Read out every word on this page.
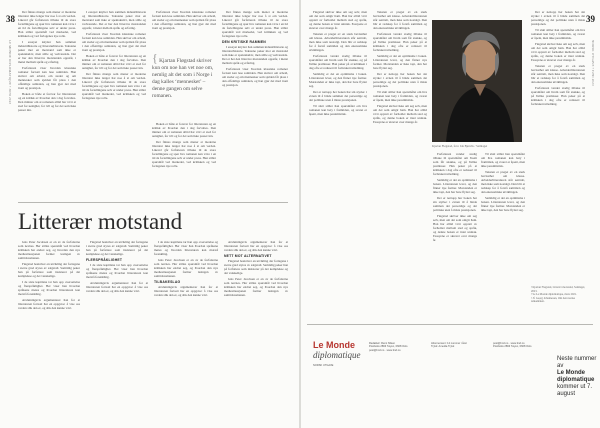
38
LE MONDE DIPLOMATIQUE • JUNI 2023

Det finnes mange som mener at moderne litteratur ikke lenger har noe å si om verden. Likevel går forfatteren tilbake til de store fortellingene og spør hva romanen kan være i en tid da fortellingene selv er under press. Han stiller spørsmål ved markedet, ved kritikken og ved forlagenes nye rolle.

I essayet knytter han sammen industrihistorie og litteraturhistorie. Tekstene peker mot en motstand som ikke er spektakulær, men stille og vedvarende. Det er her den litterære motstanden oppstår, i møtet mellom språk og erfaring.

Forfatteren viser hvordan klassiske romaner fortsatt kan lese samtiden. Han skriver om arbeid, om steder og om mennesker som sjelden får plass i den offentlige samtalen, og han gjør det med ironi og presisjon.

Boken er både et forsvar for litteraturen og en kritikk av hvordan den i dag forvaltes. Den minner om at romanen alltid har vært et sted for uenighet, for tvil og for det som ikke passer inn.

I essayet knytter han sammen industrihistorie og litteraturhistorie. Tekstene peker mot en motstand som ikke er spektakulær, men stille og vedvarende. Det er her den litterære motstanden oppstår, i møtet mellom språk og erfaring.

Forfatteren viser hvordan klassiske romaner fortsatt kan lese samtiden. Han skriver om arbeid, om steder og om mennesker som sjelden får plass i den offentlige samtalen, og han gjør det med ironi og presisjon.

Boken er både et forsvar for litteraturen og en kritikk av hvordan den i dag forvaltes. Den minner om at romanen alltid har vært et sted for uenighet, for tvil og for det som ikke passer inn.

Det finnes mange som mener at moderne litteratur ikke lenger har noe å si om verden. Likevel går forfatteren tilbake til de store fortellingene og spør hva romanen kan være i en tid da fortellingene selv er under press. Han stiller spørsmål ved markedet, ved kritikken og ved forlagenes nye rolle.

Forfatteren viser hvordan klassiske romaner fortsatt kan lese samtiden. Han skriver om arbeid, om steder og om mennesker som sjelden får plass i den offentlige samtalen, og han gjør det med ironi og presisjon.

{ Kjartan Fløgstad skriver kun om noe han vet noe om, nemlig alt det som i Norge i dag kalles ‘mennesket’ – denne gangen om selve romanen.

Boken er både et forsvar for litteraturen og en kritikk av hvordan den i dag forvaltes. Den minner om at romanen alltid har vært et sted for uenighet, for tvil og for det som ikke passer inn.

Det finnes mange som mener at moderne litteratur ikke lenger har noe å si om verden. Likevel går forfatteren tilbake til de store fortellingene og spør hva romanen kan være i en tid da fortellingene selv er under press. Han stiller spørsmål ved markedet, ved kritikken og ved forlagenes nye rolle.

Det finnes mange som mener at moderne litteratur ikke lenger har noe å si om verden. Likevel går forfatteren tilbake til de store fortellingene og spør hva romanen kan være i en tid da fortellingene selv er under press. Han stiller spørsmål ved markedet, ved kritikken og ved forlagenes nye rolle.

DEN KRITISKE RAMMEN

I essayet knytter han sammen industrihistorie og litteraturhistorie. Tekstene peker mot en motstand som ikke er spektakulær, men stille og vedvarende. Det er her den litterære motstanden oppstår, i møtet mellom språk og erfaring.

Forfatteren viser hvordan klassiske romaner fortsatt kan lese samtiden. Han skriver om arbeid, om steder og om mennesker som sjelden får plass i den offentlige samtalen, og han gjør det med ironi og presisjon.

Litterær motstand

Jens Peter Jacobsen er en av de forfatterne som nevnes. Her stilles spørsmål ved hvordan kritikken har endret seg, og hvordan den nye mediesituasjonen former lesingen av samtidsromanen.

Fløgstad beskriver en utvikling der forlagene i større grad styres av salgstall. Samtidig peker han på forfattere som insisterer på det komplekse og det vanskelige.

I de siste kapitlene tar han opp oversettelse og flerspråklighet. Her viser han hvordan språkene møtes og hvordan litteraturen kan motstå forenkling.

Avslutningsvis argumenterer han for at litteraturen fortsatt har en oppgave: å vise oss verden slik den er, og slik den kunne vært.

Fløgstad beskriver en utvikling der forlagene i større grad styres av salgstall. Samtidig peker han på forfattere som insisterer på det komplekse og det vanskelige.

FLERSPRÅKLIGHET

I de siste kapitlene tar han opp oversettelse og flerspråklighet. Her viser han hvordan språkene møtes og hvordan litteraturen kan motstå forenkling.

Avslutningsvis argumenterer han for at litteraturen fortsatt har en oppgave: å vise oss verden slik den er, og slik den kunne vært.

I de siste kapitlene tar han opp oversettelse og flerspråklighet. Her viser han hvordan språkene møtes og hvordan litteraturen kan motstå forenkling.

Jens Peter Jacobsen er en av de forfatterne som nevnes. Her stilles spørsmål ved hvordan kritikken har endret seg, og hvordan den nye mediesituasjonen former lesingen av samtidsromanen.

TILBAKESLAG

Avslutningsvis argumenterer han for at litteraturen fortsatt har en oppgave: å vise oss verden slik den er, og slik den kunne vært.

Avslutningsvis argumenterer han for at litteraturen fortsatt har en oppgave: å vise oss verden slik den er, og slik den kunne vært.

NETT MOT ALTERNATIVET

Fløgstad beskriver en utvikling der forlagene i større grad styres av salgstall. Samtidig peker han på forfattere som insisterer på det komplekse og det vanskelige.

Jens Peter Jacobsen er en av de forfatterne som nevnes. Her stilles spørsmål ved hvordan kritikken har endret seg, og hvordan den nye mediesituasjonen former lesingen av samtidsromanen.

39
NORSK UTGAVE • JUNI 2023

Fløgstad skriver ikke om seg selv, men om det som omgir ham. Han har alltid vært opptatt av forholdet mellom sted og språk, og denne boken er intet unntak. Essayene er skrevet over mange år.

Teksten er preget av en sterk bevissthet om klasse. Arbeiderlitteraturen står sentralt, men ikke som nostalgi. Den blir et redskap for å forstå samtiden og den økonomiske utviklingen.

Forfatteren vender stadig tilbake til spørsmålet om hvem som får snakke, og på hvilke premisser. Han peker på at kritikken i dag ofte er redusert til forbrukerveiledning.

Samtidig er det en optimisme i boken. Litteraturen lever, og den finner nye former. Motstanden er ikke tapt, den har bare flyttet seg.

Det er nettopp her boken har sin styrke: i evnen til å binde sammen det personlige og det politiske uten å miste presisjonen.

Til slutt stiller han spørsmålet om hva romanen kan bety i framtiden, og svaret er åpent, men ikke pessimistisk.

Teksten er preget av en sterk bevissthet om klasse. Arbeiderlitteraturen står sentralt, men ikke som nostalgi. Den blir et redskap for å forstå samtiden og den økonomiske utviklingen.

Forfatteren vender stadig tilbake til spørsmålet om hvem som får snakke, og på hvilke premisser. Han peker på at kritikken i dag ofte er redusert til forbrukerveiledning.

Samtidig er det en optimisme i boken. Litteraturen lever, og den finner nye former. Motstanden er ikke tapt, den har bare flyttet seg.

Det er nettopp her boken har sin styrke: i evnen til å binde sammen det personlige og det politiske uten å miste presisjonen.

Til slutt stiller han spørsmålet om hva romanen kan bety i framtiden, og svaret er åpent, men ikke pessimistisk.

Fløgstad skriver ikke om seg selv, men om det som omgir ham. Han har alltid vært opptatt av forholdet mellom sted og språk, og denne boken er intet unntak. Essayene er skrevet over mange år.

Kjartan Fløgstad, foto: Ida Bjørvik / Samlaget

Forfatteren vender stadig tilbake til spørsmålet om hvem som får snakke, og på hvilke premisser. Han peker på at kritikken i dag ofte er redusert til forbrukerveiledning.

Samtidig er det en optimisme i boken. Litteraturen lever, og den finner nye former. Motstanden er ikke tapt, den har bare flyttet seg.

Det er nettopp her boken har sin styrke: i evnen til å binde sammen det personlige og det politiske uten å miste presisjonen.

Fløgstad skriver ikke om seg selv, men om det som omgir ham. Han har alltid vært opptatt av forholdet mellom sted og språk, og denne boken er intet unntak. Essayene er skrevet over mange år.

Til slutt stiller han spørsmålet om hva romanen kan bety i framtiden, og svaret er åpent, men ikke pessimistisk.

Teksten er preget av en sterk bevissthet om klasse. Arbeiderlitteraturen står sentralt, men ikke som nostalgi. Den blir et redskap for å forstå samtiden og den økonomiske utviklingen.

Samtidig er det en optimisme i boken. Litteraturen lever, og den finner nye former. Motstanden er ikke tapt, den har bare flyttet seg.

Det er nettopp her boken har sin styrke: i evnen til å binde sammen det personlige og det politiske uten å miste presisjonen.

Til slutt stiller han spørsmålet om hva romanen kan bety i framtiden, og svaret er åpent, men ikke pessimistisk.

Fløgstad skriver ikke om seg selv, men om det som omgir ham. Han har alltid vært opptatt av forholdet mellom sted og språk, og denne boken er intet unntak. Essayene er skrevet over mange år.

Teksten er preget av en sterk bevissthet om klasse. Arbeiderlitteraturen står sentralt, men ikke som nostalgi. Den blir et redskap for å forstå samtiden og den økonomiske utviklingen.

Forfatteren vender stadig tilbake til spørsmålet om hvem som får snakke, og på hvilke premisser. Han peker på at kritikken i dag ofte er redusert til forbrukerveiledning.

¹ Kjartan Fløgstad, Litterær motstand, Samlaget, 2023.
² Se Le Monde diplomatique, mars 2021.
³ Jf. Georg Johannesen, Om den norske tenkemåten.
Le Monde
diplomatique
NORSK UTGAVE
Redaktør: Remi Nilsen
Postboks 2893 Tøyen, 0608 Oslo
post@lmd.no · www.lmd.no
Abonnement: 12 nummer i året
Trykk: Amedia Trykk
post@lmd.no · www.lmd.no
Postboks 2893 Tøyen, 0608 Oslo
Neste nummer av
Le Monde diplomatique
kommer ut 7. august
